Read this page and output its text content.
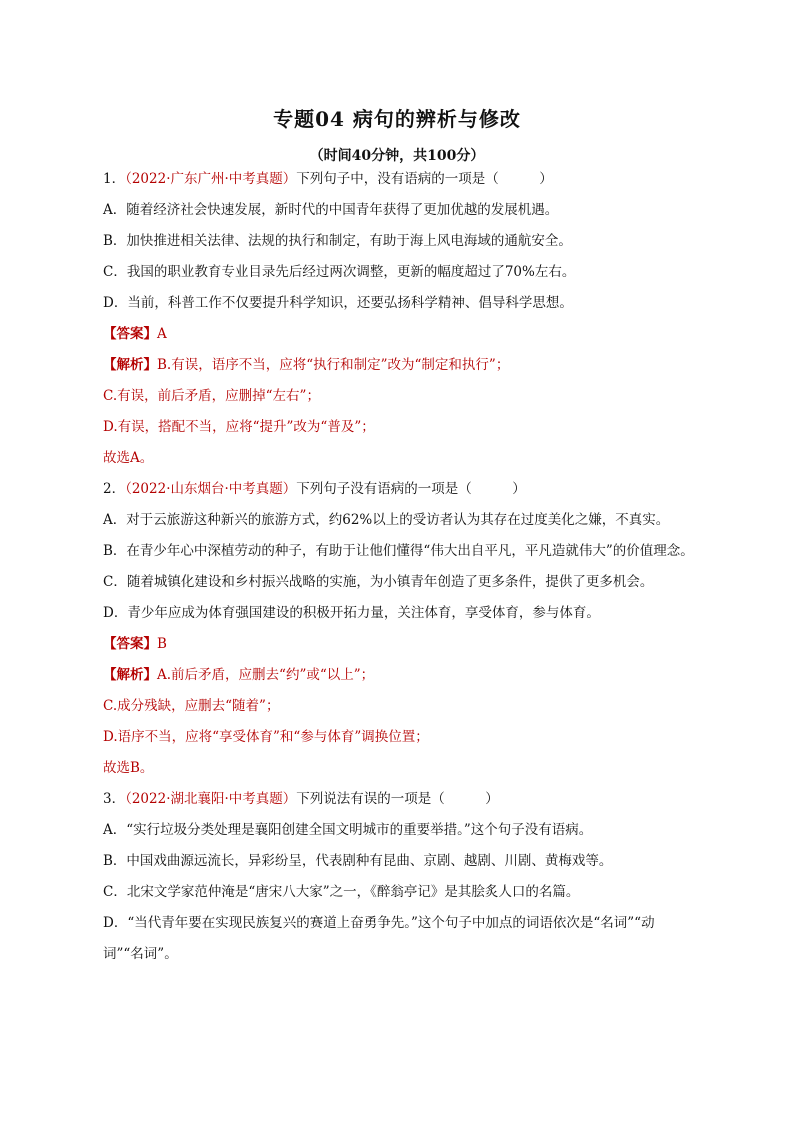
专题04 病句的辨析与修改
（时间40分钟，共100分）
1．（2022·广东广州·中考真题）下列句子中，没有语病的一项是（　　　）
A．随着经济社会快速发展，新时代的中国青年获得了更加优越的发展机遇。
B．加快推进相关法律、法规的执行和制定，有助于海上风电海域的通航安全。
C．我国的职业教育专业目录先后经过两次调整，更新的幅度超过了70%左右。
D．当前，科普工作不仅要提升科学知识，还要弘扬科学精神、倡导科学思想。
【答案】A
【解析】B.有误，语序不当，应将“执行和制定”改为“制定和执行”；
C.有误，前后矛盾，应删掉“左右”；
D.有误，搭配不当，应将“提升”改为“普及”；
故选A。
2．（2022·山东烟台·中考真题）下列句子没有语病的一项是（　　　）
A．对于云旅游这种新兴的旅游方式，约62%以上的受访者认为其存在过度美化之嫌，不真实。
B．在青少年心中深植劳动的种子，有助于让他们懂得“伟大出自平凡，平凡造就伟大”的价值理念。
C．随着城镇化建设和乡村振兴战略的实施，为小镇青年创造了更多条件，提供了更多机会。
D．青少年应成为体育强国建设的积极开拓力量，关注体育，享受体育，参与体育。
【答案】B
【解析】A.前后矛盾，应删去“约”或“以上”；
C.成分残缺，应删去“随着”；
D.语序不当，应将“享受体育”和“参与体育”调换位置；
故选B。
3．（2022·湖北襄阳·中考真题）下列说法有误的一项是（　　　）
A．“实行垃圾分类处理是襄阳创建全国文明城市的重要举措。”这个句子没有语病。
B．中国戏曲源远流长，异彩纷呈，代表剧种有昆曲、京剧、越剧、川剧、黄梅戏等。
C．北宋文学家范仲淹是“唐宋八大家”之一，《醉翁亭记》是其脍炙人口的名篇。
D．“当代青年要在实现民族复兴的赛道上奋勇争先。”这个句子中加点的词语依次是“名词”“动
词”“名词”。
